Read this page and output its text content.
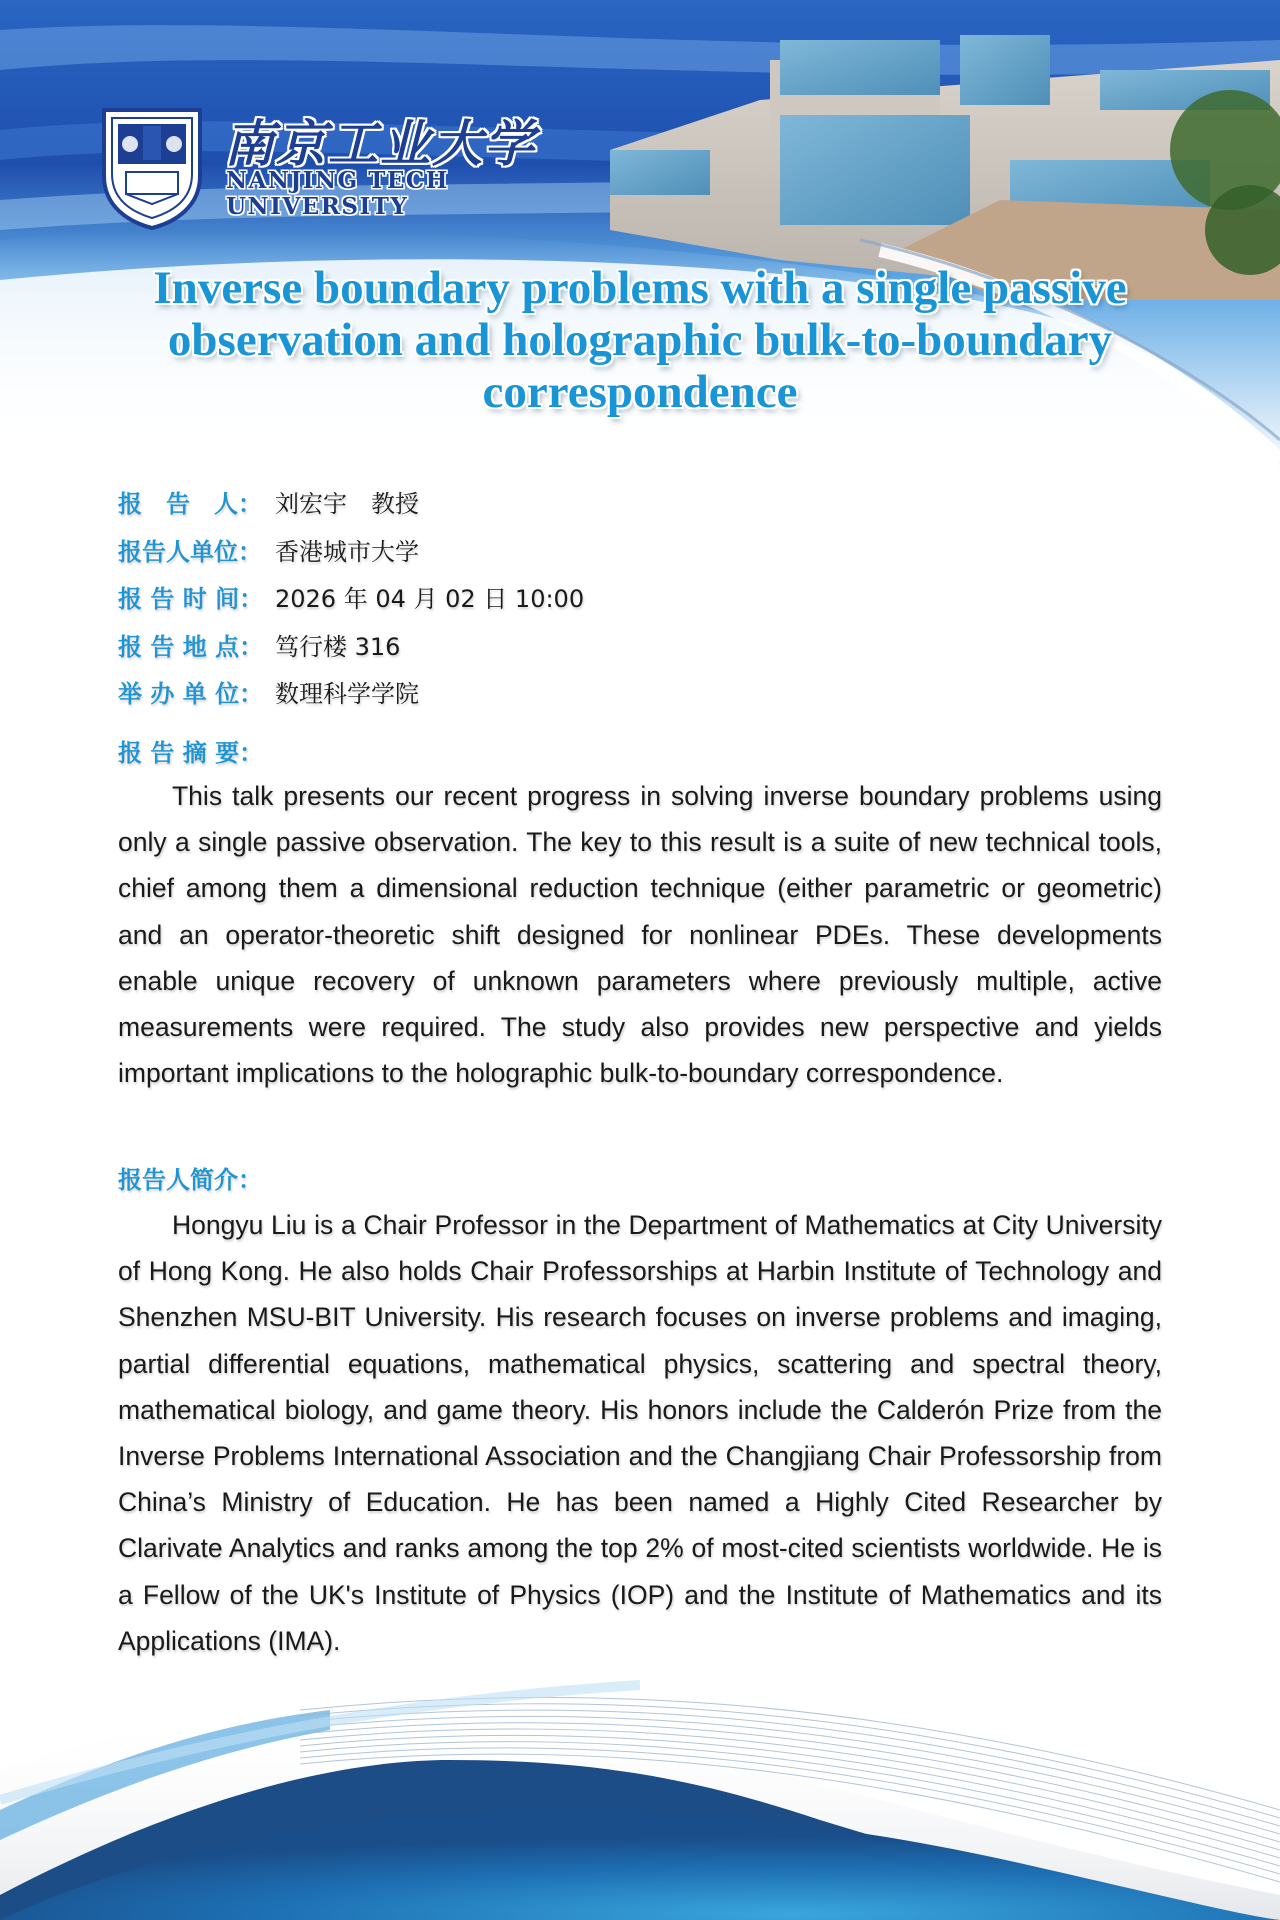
南京工业大学
NANJING TECH
UNIVERSITY
Inverse boundary problems with a single passive
observation and holographic bulk-to-boundary
correspondence
报　告　人： 刘宏宇　教授
报告人单位： 香港城市大学
报 告 时 间： 2026 年 04 月 02 日 10:00
报 告 地 点： 笃行楼 316
举 办 单 位： 数理科学学院
报 告 摘 要：
This talk presents our recent progress in solving inverse boundary problems using only a single passive observation. The key to this result is a suite of new technical tools, chief among them a dimensional reduction technique (either parametric or geometric) and an operator-theoretic shift designed for nonlinear PDEs. These developments enable unique recovery of unknown parameters where previously multiple, active measurements were required. The study also provides new perspective and yields important implications to the holographic bulk-to-boundary correspondence.
报告人简介：
Hongyu Liu is a Chair Professor in the Department of Mathematics at City University of Hong Kong. He also holds Chair Professorships at Harbin Institute of Technology and Shenzhen MSU-BIT University. His research focuses on inverse problems and imaging, partial differential equations, mathematical physics, scattering and spectral theory, mathematical biology, and game theory. His honors include the Calderón Prize from the Inverse Problems International Association and the Changjiang Chair Professorship from China’s Ministry of Education. He has been named a Highly Cited Researcher by Clarivate Analytics and ranks among the top 2% of most-cited scientists worldwide. He is a Fellow of the UK's Institute of Physics (IOP) and the Institute of Mathematics and its Applications (IMA).
